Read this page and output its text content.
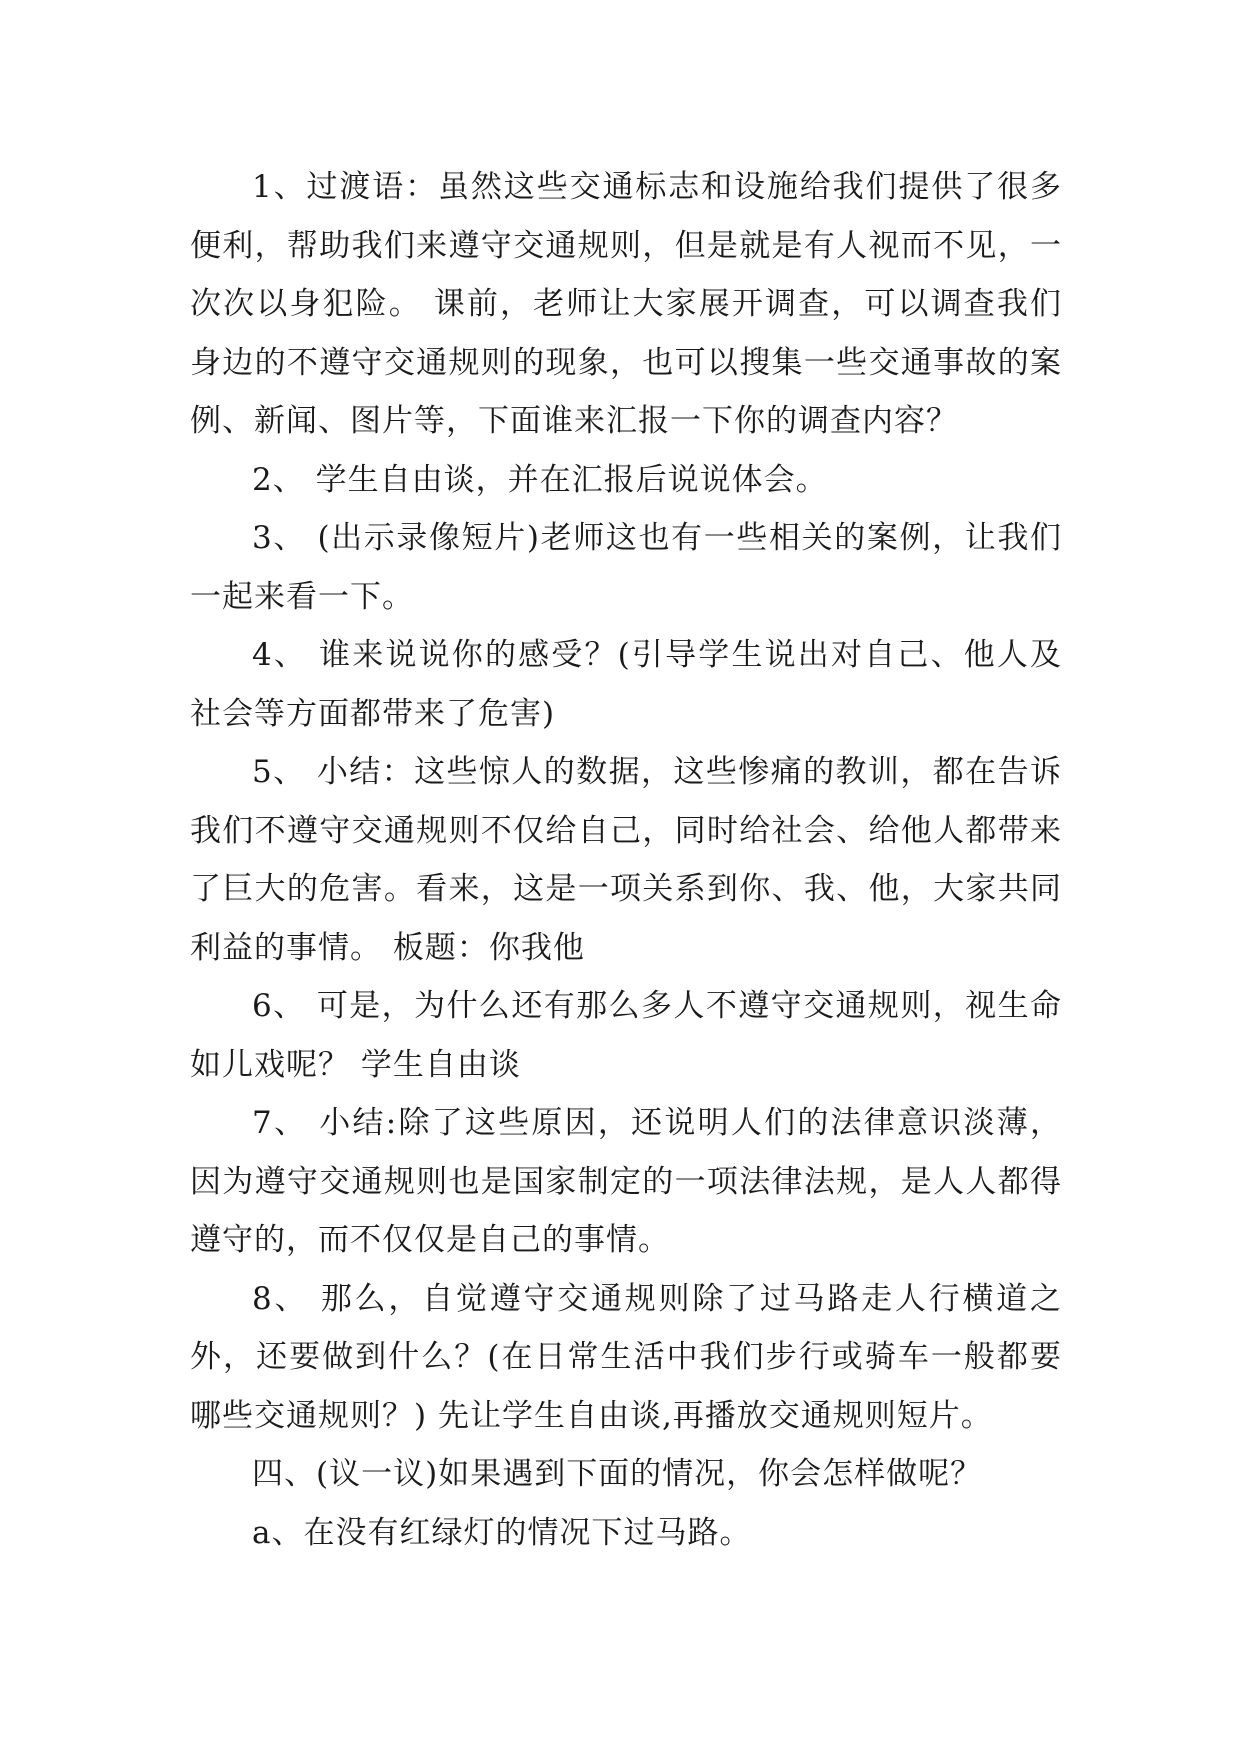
1、过渡语：虽然这些交通标志和设施给我们提供了很多便利，帮助我们来遵守交通规则，但是就是有人视而不见，一次次以身犯险。 课前，老师让大家展开调查，可以调查我们身边的不遵守交通规则的现象，也可以搜集一些交通事故的案例、新闻、图片等，下面谁来汇报一下你的调查内容？

2、 学生自由谈，并在汇报后说说体会。

3、 (出示录像短片)老师这也有一些相关的案例，让我们一起来看一下。

4、 谁来说说你的感受？(引导学生说出对自己、他人及社会等方面都带来了危害)

5、 小结：这些惊人的数据，这些惨痛的教训，都在告诉我们不遵守交通规则不仅给自己，同时给社会、给他人都带来了巨大的危害。看来，这是一项关系到你、我、他，大家共同利益的事情。 板题：你我他

6、 可是，为什么还有那么多人不遵守交通规则，视生命如儿戏呢？ 学生自由谈

7、 小结:除了这些原因，还说明人们的法律意识淡薄，因为遵守交通规则也是国家制定的一项法律法规，是人人都得遵守的，而不仅仅是自己的事情。

8、 那么，自觉遵守交通规则除了过马路走人行横道之外，还要做到什么？(在日常生活中我们步行或骑车一般都要哪些交通规则？) 先让学生自由谈,再播放交通规则短片。

四、(议一议)如果遇到下面的情况，你会怎样做呢？

a、在没有红绿灯的情况下过马路。
